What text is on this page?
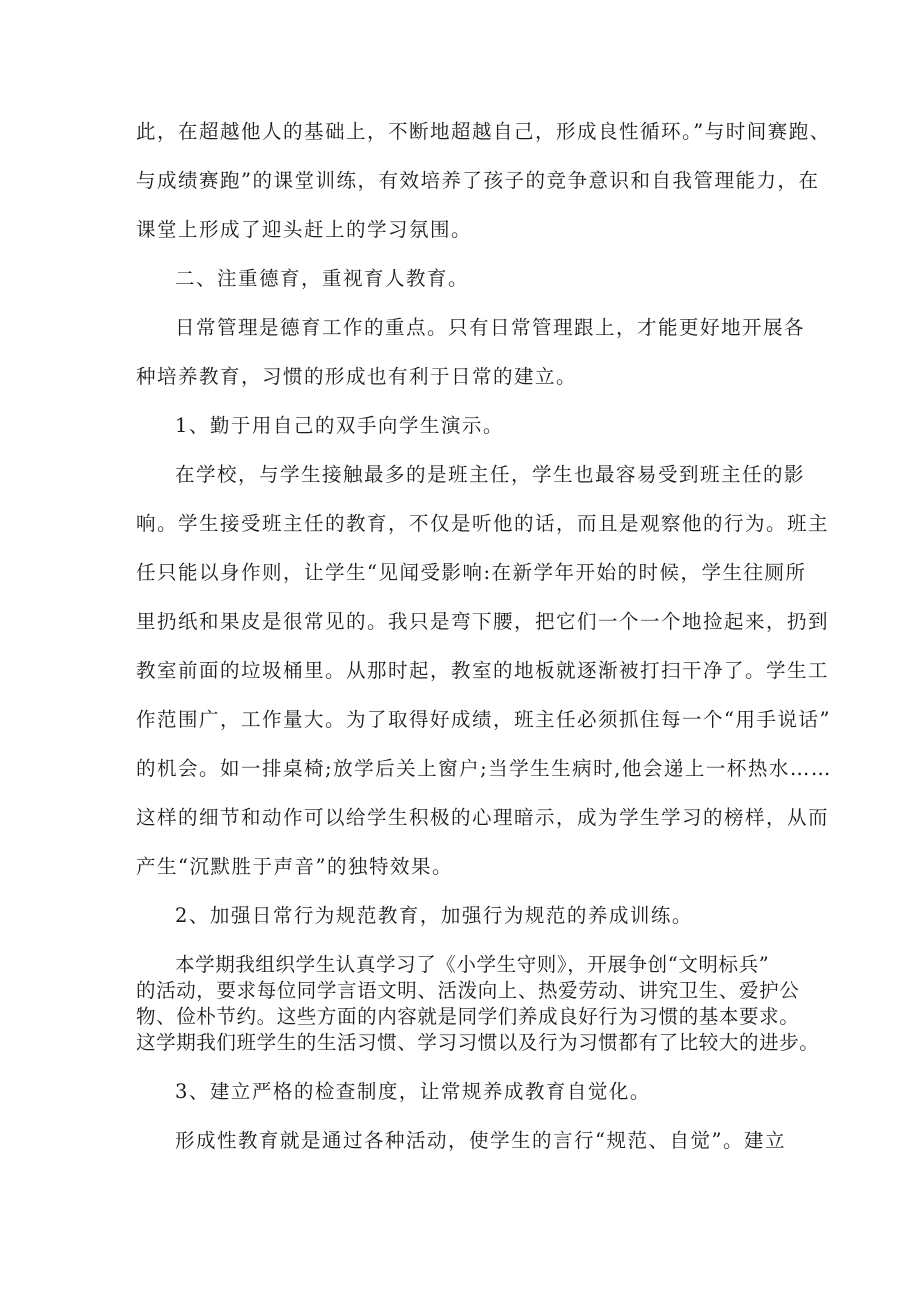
此，在超越他人的基础上，不断地超越自己，形成良性循环。”与时间赛跑、
与成绩赛跑”的课堂训练，有效培养了孩子的竞争意识和自我管理能力，在
课堂上形成了迎头赶上的学习氛围。
二、注重德育，重视育人教育。
日常管理是德育工作的重点。只有日常管理跟上，才能更好地开展各
种培养教育，习惯的形成也有利于日常的建立。
1、勤于用自己的双手向学生演示。
在学校，与学生接触最多的是班主任，学生也最容易受到班主任的影
响。学生接受班主任的教育，不仅是听他的话，而且是观察他的行为。班主
任只能以身作则，让学生“见闻受影响:在新学年开始的时候，学生往厕所
里扔纸和果皮是很常见的。我只是弯下腰，把它们一个一个地捡起来，扔到
教室前面的垃圾桶里。从那时起，教室的地板就逐渐被打扫干净了。学生工
作范围广，工作量大。为了取得好成绩，班主任必须抓住每一个“用手说话”
的机会。如一排桌椅;放学后关上窗户;当学生生病时,他会递上一杯热水……
这样的细节和动作可以给学生积极的心理暗示，成为学生学习的榜样，从而
产生“沉默胜于声音”的独特效果。
2、加强日常行为规范教育，加强行为规范的养成训练。
本学期我组织学生认真学习了《小学生守则》，开展争创“文明标兵”
的活动，要求每位同学言语文明、活泼向上、热爱劳动、讲究卫生、爱护公
物、俭朴节约。这些方面的内容就是同学们养成良好行为习惯的基本要求。
这学期我们班学生的生活习惯、学习习惯以及行为习惯都有了比较大的进步。
3、建立严格的检查制度，让常规养成教育自觉化。
形成性教育就是通过各种活动，使学生的言行“规范、自觉”。建立
